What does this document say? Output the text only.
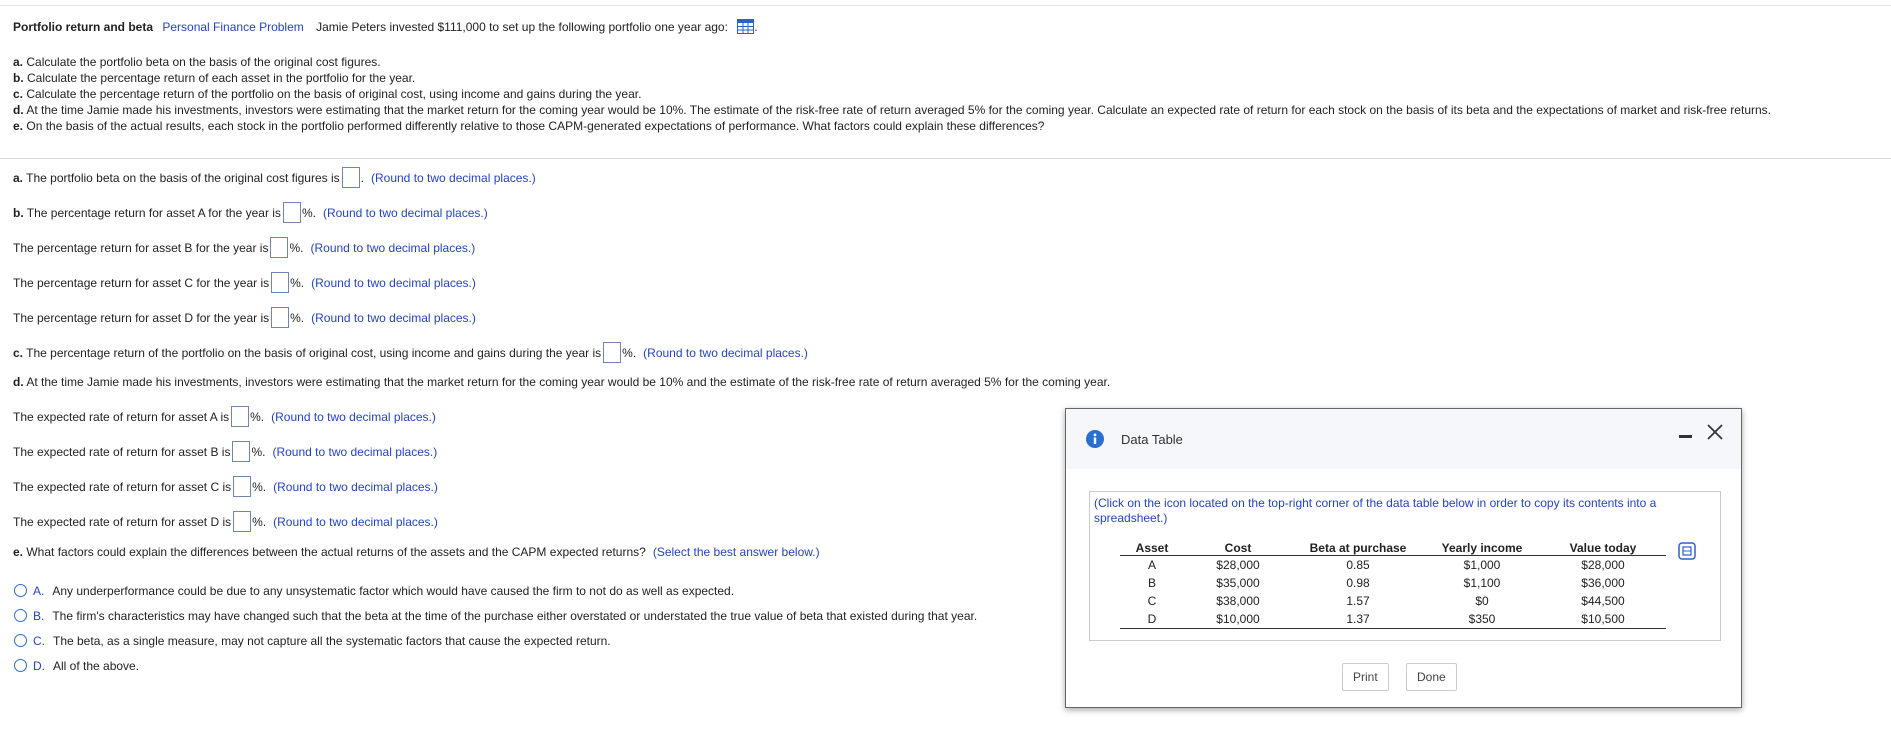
Portfolio return and beta Personal Finance Problem Jamie Peters invested $111,000 to set up the following portfolio one year ago: .
a. Calculate the portfolio beta on the basis of the original cost figures.
b. Calculate the percentage return of each asset in the portfolio for the year.
c. Calculate the percentage return of the portfolio on the basis of original cost, using income and gains during the year.
d. At the time Jamie made his investments, investors were estimating that the market return for the coming year would be 10%. The estimate of the risk-free rate of return averaged 5% for the coming year. Calculate an expected rate of return for each stock on the basis of its beta and the expectations of market and risk-free returns.
e. On the basis of the actual results, each stock in the portfolio performed differently relative to those CAPM-generated expectations of performance. What factors could explain these differences?
a. The portfolio beta on the basis of the original cost figures is . (Round to two decimal places.)
b. The percentage return for asset A for the year is %. (Round to two decimal places.)
The percentage return for asset B for the year is %. (Round to two decimal places.)
The percentage return for asset C for the year is %. (Round to two decimal places.)
The percentage return for asset D for the year is %. (Round to two decimal places.)
c. The percentage return of the portfolio on the basis of original cost, using income and gains during the year is %. (Round to two decimal places.)
d. At the time Jamie made his investments, investors were estimating that the market return for the coming year would be 10% and the estimate of the risk-free rate of return averaged 5% for the coming year.
The expected rate of return for asset A is %. (Round to two decimal places.)
The expected rate of return for asset B is %. (Round to two decimal places.)
The expected rate of return for asset C is %. (Round to two decimal places.)
The expected rate of return for asset D is %. (Round to two decimal places.)
e. What factors could explain the differences between the actual returns of the assets and the CAPM expected returns? (Select the best answer below.)
A. Any underperformance could be due to any unsystematic factor which would have caused the firm to not do as well as expected.
B. The firm's characteristics may have changed such that the beta at the time of the purchase either overstated or understated the true value of beta that existed during that year.
C. The beta, as a single measure, may not capture all the systematic factors that cause the expected return.
D. All of the above.
Data Table
(Click on the icon located on the top-right corner of the data table below in order to copy its contents into a spreadsheet.)
Asset	Cost	Beta at purchase	Yearly income	Value today
A	$28,000	0.85	$1,000	$28,000
B	$35,000	0.98	$1,100	$36,000
C	$38,000	1.57	$0	$44,500
D	$10,000	1.37	$350	$10,500
Print	Done
